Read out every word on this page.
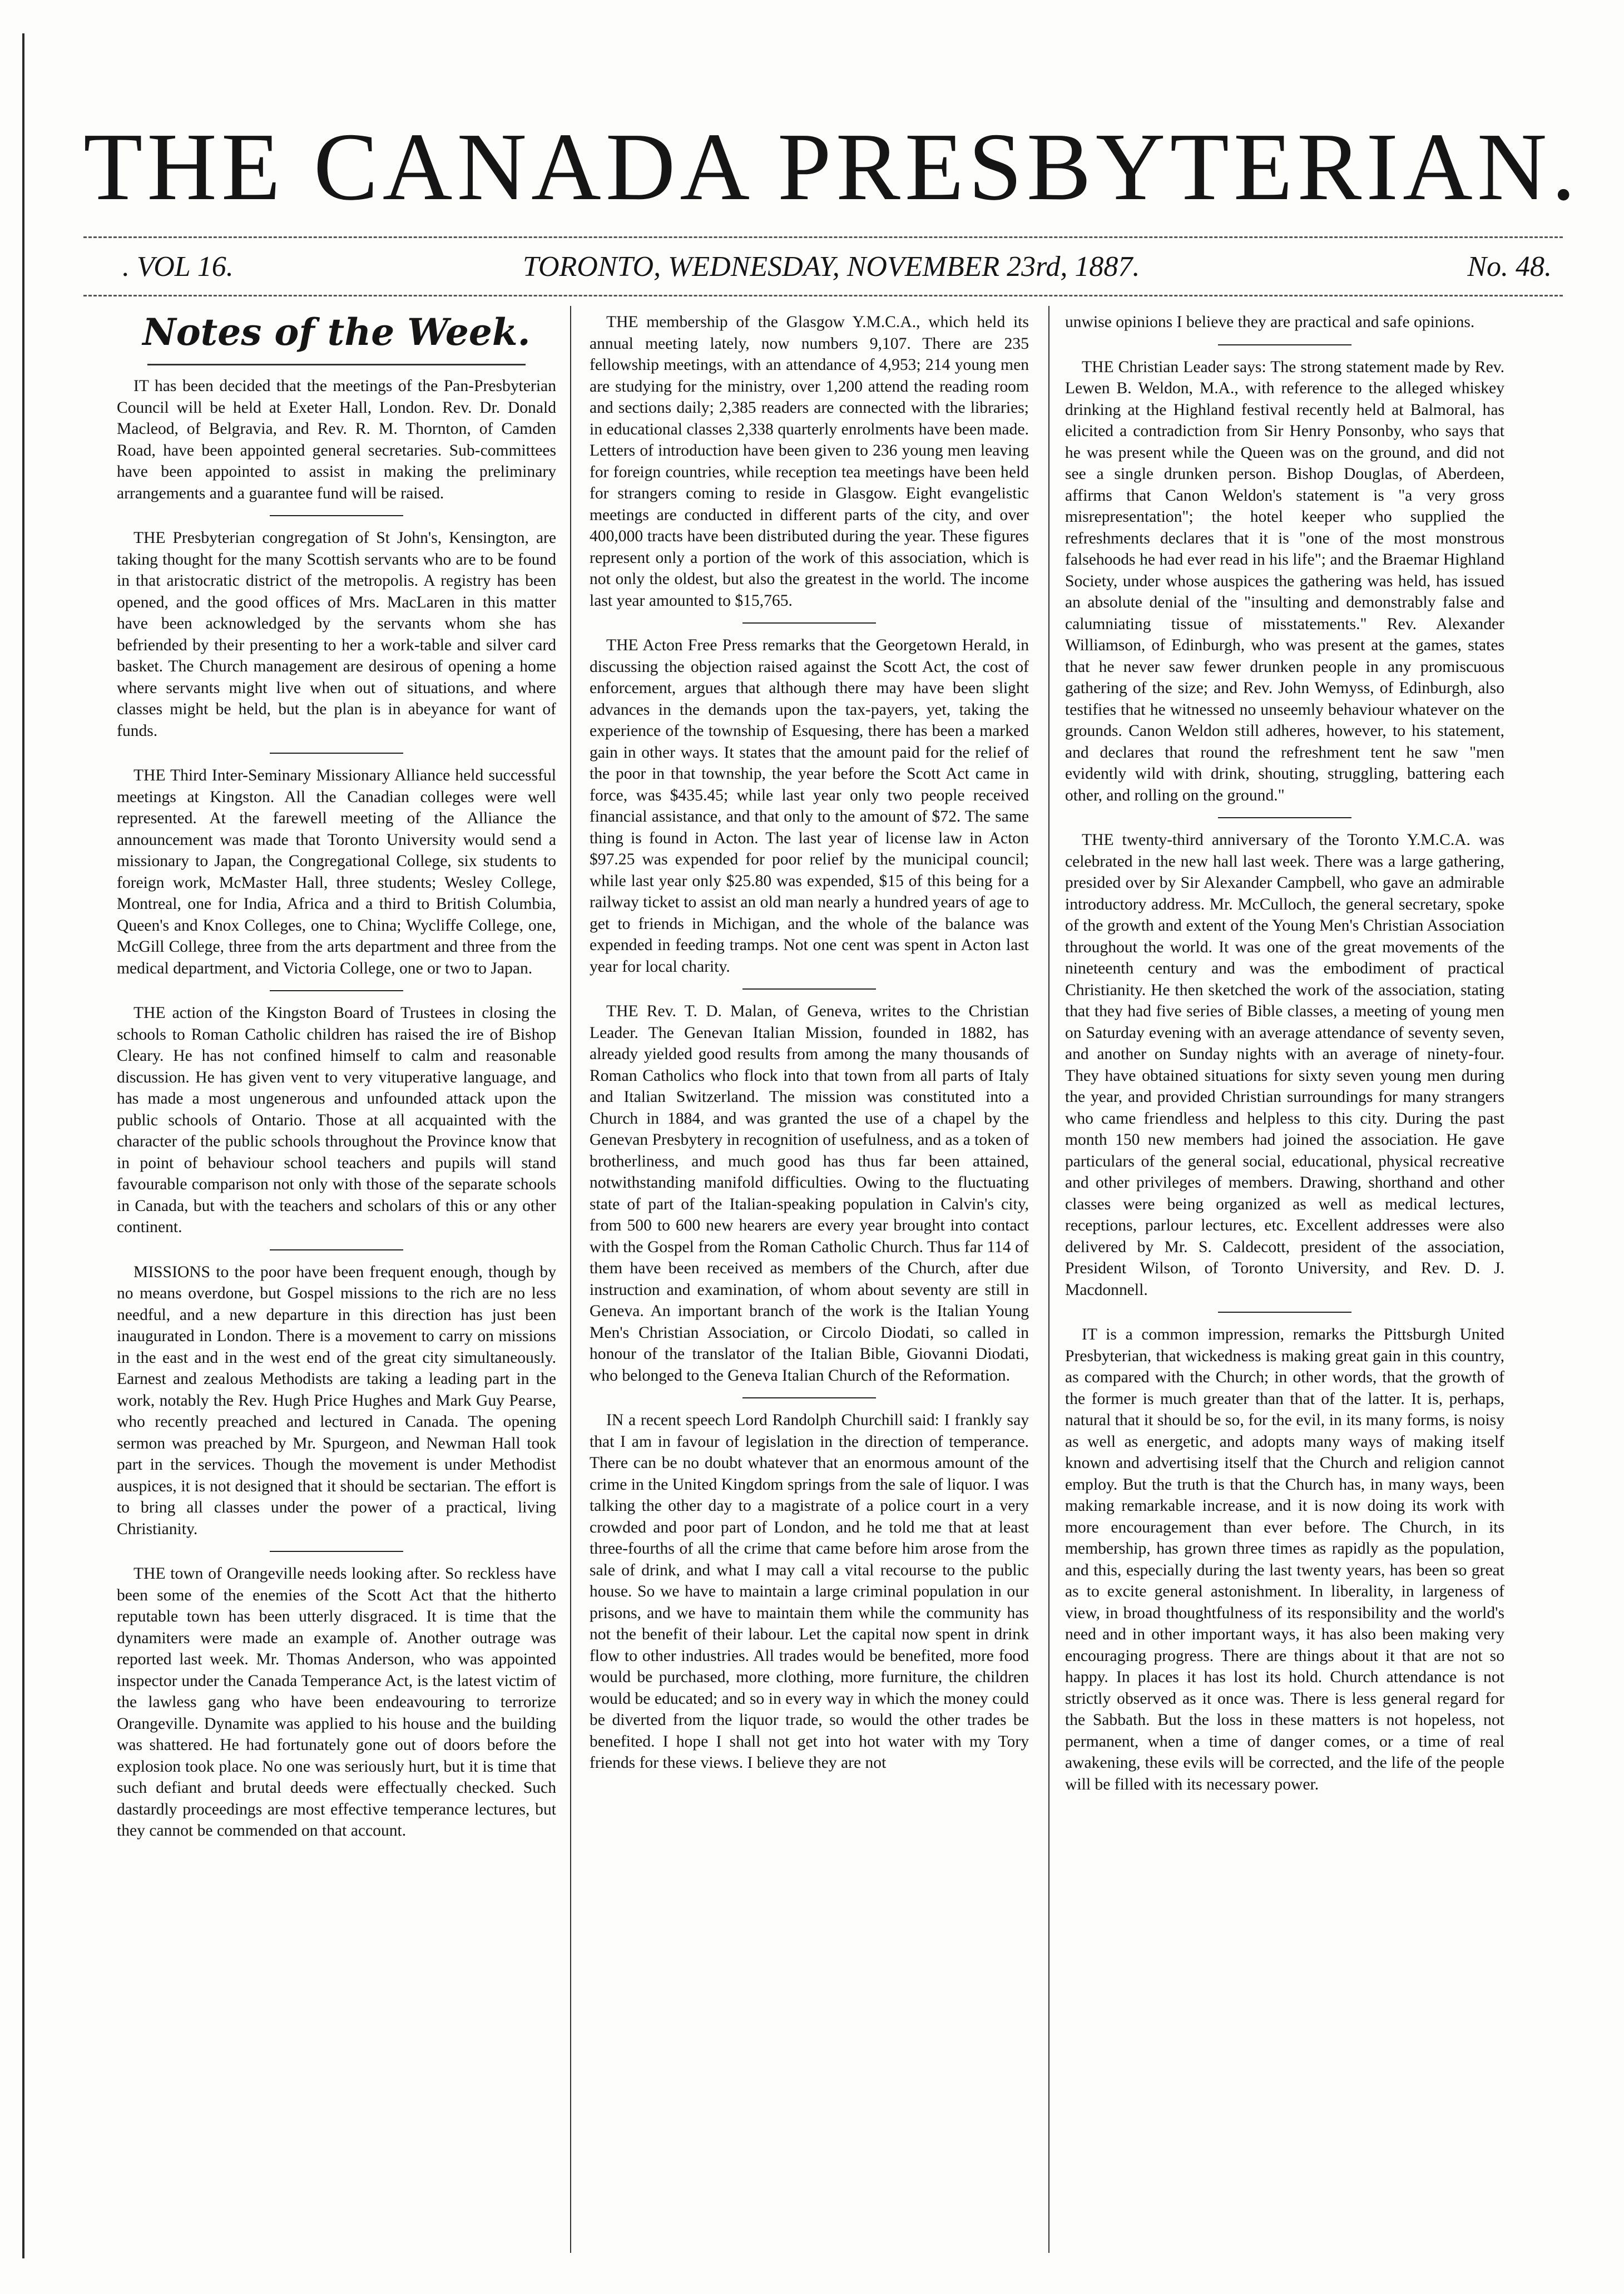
THE CANADA PRESBYTERIAN.
. VOL 16.	TORONTO, WEDNESDAY, NOVEMBER 23rd, 1887.	No. 48.
Notes of the Week.

IT has been decided that the meetings of the Pan-Presbyterian Council will be held at Exeter Hall, London. Rev. Dr. Donald Macleod, of Belgravia, and Rev. R. M. Thornton, of Camden Road, have been appointed general secretaries. Sub-committees have been appointed to assist in making the preliminary arrangements and a guarantee fund will be raised.

THE Presbyterian congregation of St John's, Kensington, are taking thought for the many Scottish servants who are to be found in that aristocratic district of the metropolis. A registry has been opened, and the good offices of Mrs. MacLaren in this matter have been acknowledged by the servants whom she has befriended by their presenting to her a work-table and silver card basket. The Church management are desirous of opening a home where servants might live when out of situations, and where classes might be held, but the plan is in abeyance for want of funds.

THE Third Inter-Seminary Missionary Alliance held successful meetings at Kingston. All the Canadian colleges were well represented. At the farewell meeting of the Alliance the announcement was made that Toronto University would send a missionary to Japan, the Congregational College, six students to foreign work, McMaster Hall, three students; Wesley College, Montreal, one for India, Africa and a third to British Columbia, Queen's and Knox Colleges, one to China; Wycliffe College, one, McGill College, three from the arts department and three from the medical department, and Victoria College, one or two to Japan.

THE action of the Kingston Board of Trustees in closing the schools to Roman Catholic children has raised the ire of Bishop Cleary. He has not confined himself to calm and reasonable discussion. He has given vent to very vituperative language, and has made a most ungenerous and unfounded attack upon the public schools of Ontario. Those at all acquainted with the character of the public schools throughout the Province know that in point of behaviour school teachers and pupils will stand favourable comparison not only with those of the separate schools in Canada, but with the teachers and scholars of this or any other continent.

MISSIONS to the poor have been frequent enough, though by no means overdone, but Gospel missions to the rich are no less needful, and a new departure in this direction has just been inaugurated in London. There is a movement to carry on missions in the east and in the west end of the great city simultaneously. Earnest and zealous Methodists are taking a leading part in the work, notably the Rev. Hugh Price Hughes and Mark Guy Pearse, who recently preached and lectured in Canada. The opening sermon was preached by Mr. Spurgeon, and Newman Hall took part in the services. Though the movement is under Methodist auspices, it is not designed that it should be sectarian. The effort is to bring all classes under the power of a practical, living Christianity.

THE town of Orangeville needs looking after. So reckless have been some of the enemies of the Scott Act that the hitherto reputable town has been utterly disgraced. It is time that the dynamiters were made an example of. Another outrage was reported last week. Mr. Thomas Anderson, who was appointed inspector under the Canada Temperance Act, is the latest victim of the lawless gang who have been endeavouring to terrorize Orangeville. Dynamite was applied to his house and the building was shattered. He had fortunately gone out of doors before the explosion took place. No one was seriously hurt, but it is time that such defiant and brutal deeds were effectually checked. Such dastardly proceedings are most effective temperance lectures, but they cannot be commended on that account.

THE membership of the Glasgow Y.M.C.A., which held its annual meeting lately, now numbers 9,107. There are 235 fellowship meetings, with an attendance of 4,953; 214 young men are studying for the ministry, over 1,200 attend the reading room and sections daily; 2,385 readers are connected with the libraries; in educational classes 2,338 quarterly enrolments have been made. Letters of introduction have been given to 236 young men leaving for foreign countries, while reception tea meetings have been held for strangers coming to reside in Glasgow. Eight evangelistic meetings are conducted in different parts of the city, and over 400,000 tracts have been distributed during the year. These figures represent only a portion of the work of this association, which is not only the oldest, but also the greatest in the world. The income last year amounted to $15,765.

THE Acton Free Press remarks that the Georgetown Herald, in discussing the objection raised against the Scott Act, the cost of enforcement, argues that although there may have been slight advances in the demands upon the tax-payers, yet, taking the experience of the township of Esquesing, there has been a marked gain in other ways. It states that the amount paid for the relief of the poor in that township, the year before the Scott Act came in force, was $435.45; while last year only two people received financial assistance, and that only to the amount of $72. The same thing is found in Acton. The last year of license law in Acton $97.25 was expended for poor relief by the municipal council; while last year only $25.80 was expended, $15 of this being for a railway ticket to assist an old man nearly a hundred years of age to get to friends in Michigan, and the whole of the balance was expended in feeding tramps. Not one cent was spent in Acton last year for local charity.

THE Rev. T. D. Malan, of Geneva, writes to the Christian Leader. The Genevan Italian Mission, founded in 1882, has already yielded good results from among the many thousands of Roman Catholics who flock into that town from all parts of Italy and Italian Switzerland. The mission was constituted into a Church in 1884, and was granted the use of a chapel by the Genevan Presbytery in recognition of usefulness, and as a token of brotherliness, and much good has thus far been attained, notwithstanding manifold difficulties. Owing to the fluctuating state of part of the Italian-speaking population in Calvin's city, from 500 to 600 new hearers are every year brought into contact with the Gospel from the Roman Catholic Church. Thus far 114 of them have been received as members of the Church, after due instruction and examination, of whom about seventy are still in Geneva. An important branch of the work is the Italian Young Men's Christian Association, or Circolo Diodati, so called in honour of the translator of the Italian Bible, Giovanni Diodati, who belonged to the Geneva Italian Church of the Reformation.

IN a recent speech Lord Randolph Churchill said: I frankly say that I am in favour of legislation in the direction of temperance. There can be no doubt whatever that an enormous amount of the crime in the United Kingdom springs from the sale of liquor. I was talking the other day to a magistrate of a police court in a very crowded and poor part of London, and he told me that at least three-fourths of all the crime that came before him arose from the sale of drink, and what I may call a vital recourse to the public house. So we have to maintain a large criminal population in our prisons, and we have to maintain them while the community has not the benefit of their labour. Let the capital now spent in drink flow to other industries. All trades would be benefited, more food would be purchased, more clothing, more furniture, the children would be educated; and so in every way in which the money could be diverted from the liquor trade, so would the other trades be benefited. I hope I shall not get into hot water with my Tory friends for these views. I believe they are not

unwise opinions I believe they are practical and safe opinions.

THE Christian Leader says: The strong statement made by Rev. Lewen B. Weldon, M.A., with reference to the alleged whiskey drinking at the Highland festival recently held at Balmoral, has elicited a contradiction from Sir Henry Ponsonby, who says that he was present while the Queen was on the ground, and did not see a single drunken person. Bishop Douglas, of Aberdeen, affirms that Canon Weldon's statement is "a very gross misrepresentation"; the hotel keeper who supplied the refreshments declares that it is "one of the most monstrous falsehoods he had ever read in his life"; and the Braemar Highland Society, under whose auspices the gathering was held, has issued an absolute denial of the "insulting and demonstrably false and calumniating tissue of misstatements." Rev. Alexander Williamson, of Edinburgh, who was present at the games, states that he never saw fewer drunken people in any promiscuous gathering of the size; and Rev. John Wemyss, of Edinburgh, also testifies that he witnessed no unseemly behaviour whatever on the grounds. Canon Weldon still adheres, however, to his statement, and declares that round the refreshment tent he saw "men evidently wild with drink, shouting, struggling, battering each other, and rolling on the ground."

THE twenty-third anniversary of the Toronto Y.M.C.A. was celebrated in the new hall last week. There was a large gathering, presided over by Sir Alexander Campbell, who gave an admirable introductory address. Mr. McCulloch, the general secretary, spoke of the growth and extent of the Young Men's Christian Association throughout the world. It was one of the great movements of the nineteenth century and was the embodiment of practical Christianity. He then sketched the work of the association, stating that they had five series of Bible classes, a meeting of young men on Saturday evening with an average attendance of seventy seven, and another on Sunday nights with an average of ninety-four. They have obtained situations for sixty seven young men during the year, and provided Christian surroundings for many strangers who came friendless and helpless to this city. During the past month 150 new members had joined the association. He gave particulars of the general social, educational, physical recreative and other privileges of members. Drawing, shorthand and other classes were being organized as well as medical lectures, receptions, parlour lectures, etc. Excellent addresses were also delivered by Mr. S. Caldecott, president of the association, President Wilson, of Toronto University, and Rev. D. J. Macdonnell.

IT is a common impression, remarks the Pittsburgh United Presbyterian, that wickedness is making great gain in this country, as compared with the Church; in other words, that the growth of the former is much greater than that of the latter. It is, perhaps, natural that it should be so, for the evil, in its many forms, is noisy as well as energetic, and adopts many ways of making itself known and advertising itself that the Church and religion cannot employ. But the truth is that the Church has, in many ways, been making remarkable increase, and it is now doing its work with more encouragement than ever before. The Church, in its membership, has grown three times as rapidly as the population, and this, especially during the last twenty years, has been so great as to excite general astonishment. In liberality, in largeness of view, in broad thoughtfulness of its responsibility and the world's need and in other important ways, it has also been making very encouraging progress. There are things about it that are not so happy. In places it has lost its hold. Church attendance is not strictly observed as it once was. There is less general regard for the Sabbath. But the loss in these matters is not hopeless, not permanent, when a time of danger comes, or a time of real awakening, these evils will be corrected, and the life of the people will be filled with its necessary power.
